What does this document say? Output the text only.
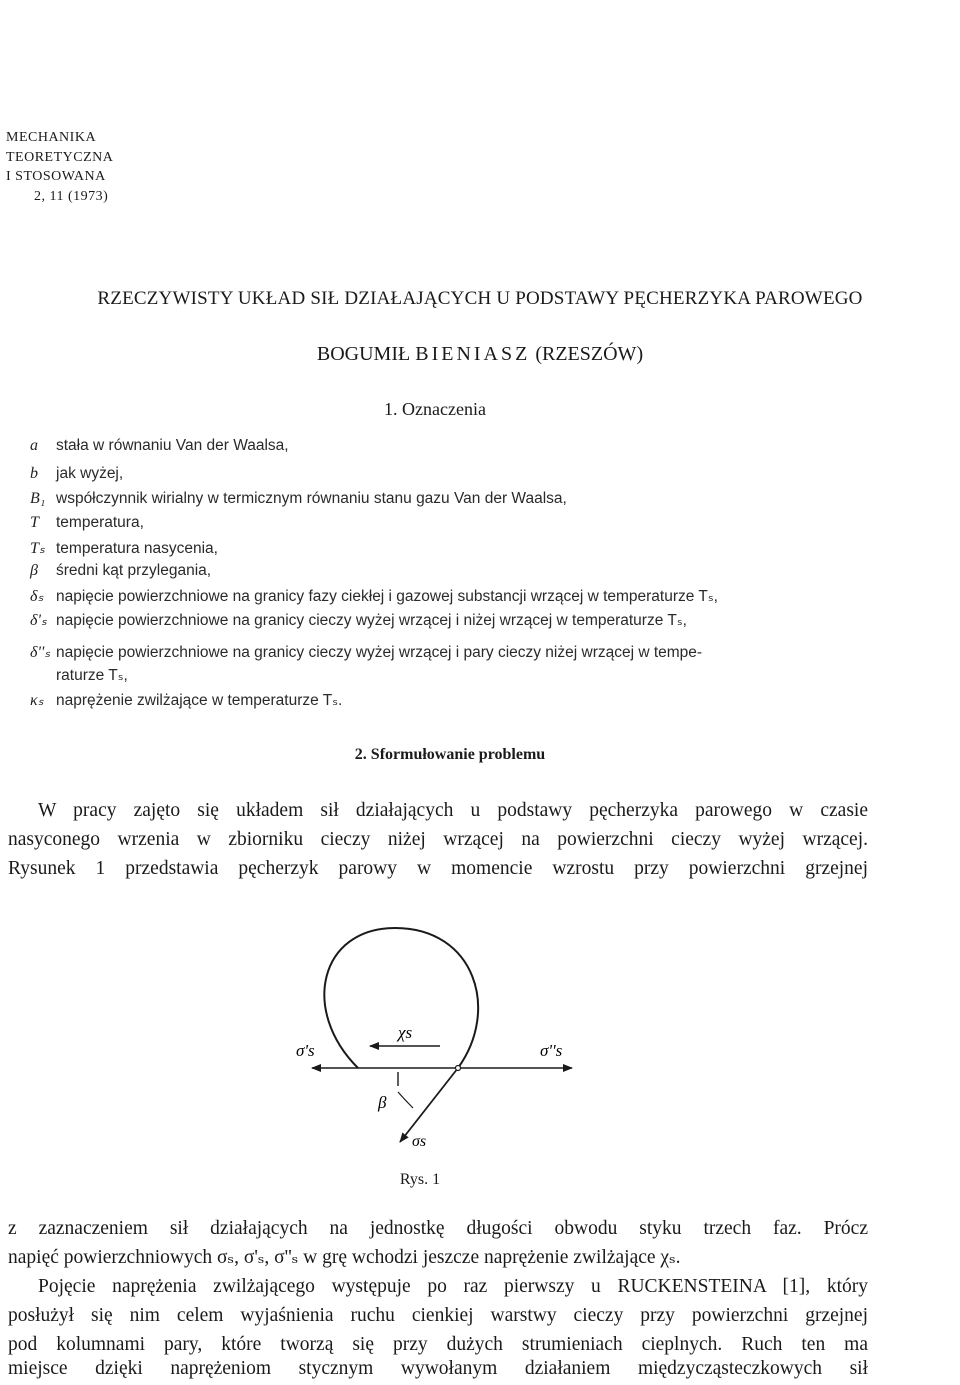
MECHANIKA
TEORETYCZNA
I STOSOWANA
2, 11 (1973)
RZECZYWISTY UKŁAD SIŁ DZIAŁAJĄCYCH U PODSTAWY PĘCHERZYKA PAROWEGO
BOGUMIŁ BIENIASZ (RZESZÓW)
1. Oznaczenia
a stała w równaniu Van der Waalsa,
b jak wyżej,
B₁ współczynnik wirialny w termicznym równaniu stanu gazu Van der Waalsa,
T temperatura,
Tₛ temperatura nasycenia,
β średni kąt przylegania,
δₛ napięcie powierzchniowe na granicy fazy ciekłej i gazowej substancji wrzącej w temperaturze Tₛ,
δ'ₛ napięcie powierzchniowe na granicy cieczy wyżej wrzącej i niżej wrzącej w temperaturze Tₛ,
δ''ₛ napięcie powierzchniowe na granicy cieczy wyżej wrzącej i pary cieczy niżej wrzącej w tempe-
raturze Tₛ,
κₛ naprężenie zwilżające w temperaturze Tₛ.
2. Sformułowanie problemu
W pracy zajęto się układem sił działających u podstawy pęcherzyka parowego w czasie
nasyconego wrzenia w zbiorniku cieczy niżej wrzącej na powierzchni cieczy wyżej wrzącej.
Rysunek 1 przedstawia pęcherzyk parowy w momencie wzrostu przy powierzchni grzejnej
σ's	σ''s
χs
β
σs
Rys. 1
z zaznaczeniem sił działających na jednostkę długości obwodu styku trzech faz. Prócz
napięć powierzchniowych σₛ, σ'ₛ, σ''ₛ w grę wchodzi jeszcze naprężenie zwilżające χₛ.
Pojęcie naprężenia zwilżającego występuje po raz pierwszy u RUCKENSTEINA [1], który
posłużył się nim celem wyjaśnienia ruchu cienkiej warstwy cieczy przy powierzchni grzejnej
pod kolumnami pary, które tworzą się przy dużych strumieniach cieplnych. Ruch ten ma
miejsce dzięki naprężeniom stycznym wywołanym działaniem międzycząsteczkowych sił
